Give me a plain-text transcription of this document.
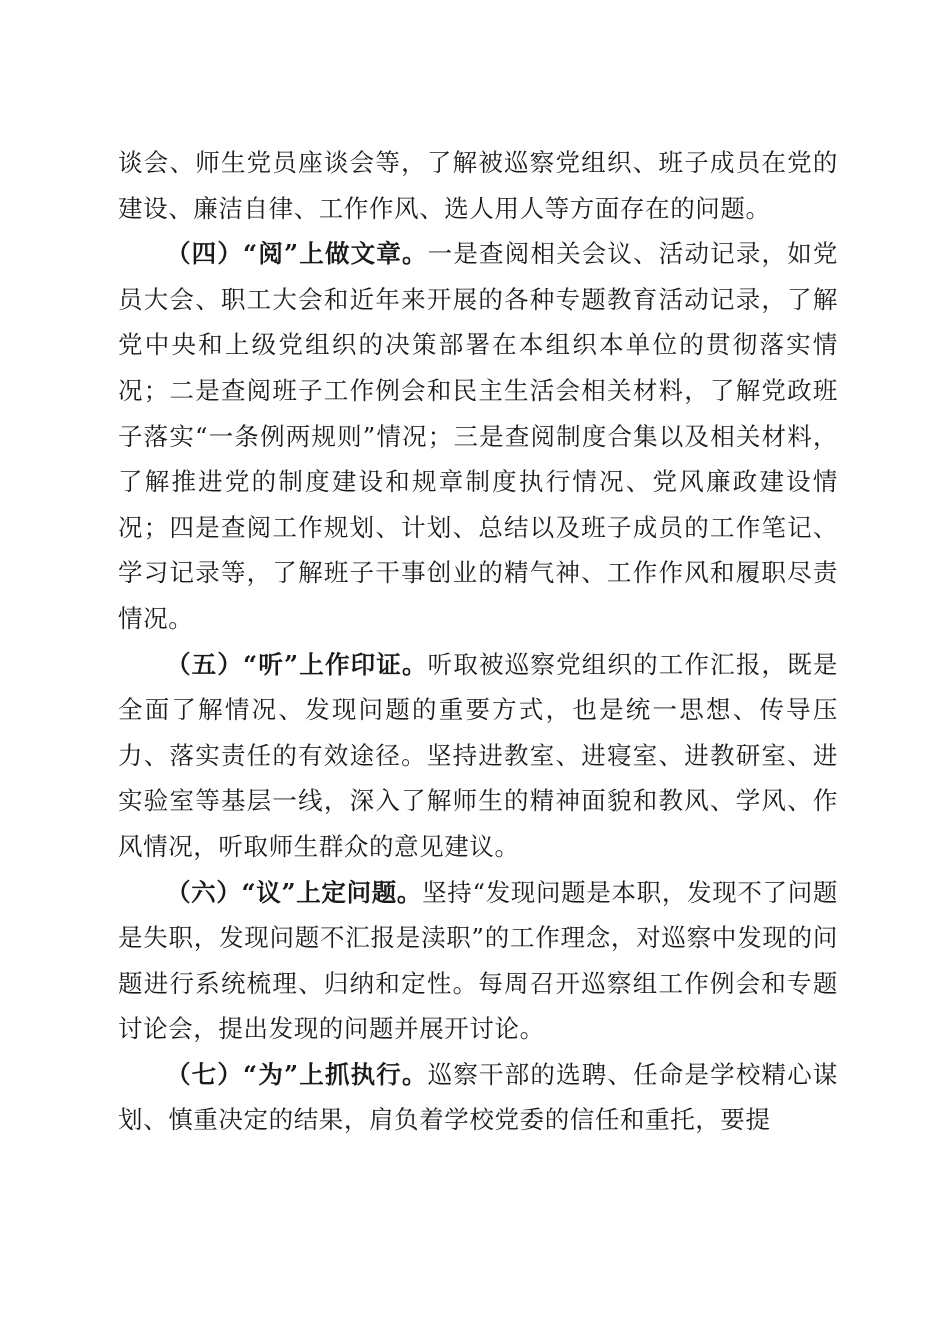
谈会、师生党员座谈会等，了解被巡察党组织、班子成员在党的建设、廉洁自律、工作作风、选人用人等方面存在的问题。

（四）“阅”上做文章。一是查阅相关会议、活动记录，如党员大会、职工大会和近年来开展的各种专题教育活动记录，了解党中央和上级党组织的决策部署在本组织本单位的贯彻落实情况；二是查阅班子工作例会和民主生活会相关材料，了解党政班子落实“一条例两规则”情况；三是查阅制度合集以及相关材料，了解推进党的制度建设和规章制度执行情况、党风廉政建设情况；四是查阅工作规划、计划、总结以及班子成员的工作笔记、学习记录等，了解班子干事创业的精气神、工作作风和履职尽责情况。

（五）“听”上作印证。听取被巡察党组织的工作汇报，既是全面了解情况、发现问题的重要方式，也是统一思想、传导压力、落实责任的有效途径。坚持进教室、进寝室、进教研室、进实验室等基层一线，深入了解师生的精神面貌和教风、学风、作风情况，听取师生群众的意见建议。

（六）“议”上定问题。坚持“发现问题是本职，发现不了问题是失职，发现问题不汇报是渎职”的工作理念，对巡察中发现的问题进行系统梳理、归纳和定性。每周召开巡察组工作例会和专题讨论会，提出发现的问题并展开讨论。

（七）“为”上抓执行。巡察干部的选聘、任命是学校精心谋划、慎重决定的结果，肩负着学校党委的信任和重托，要提
